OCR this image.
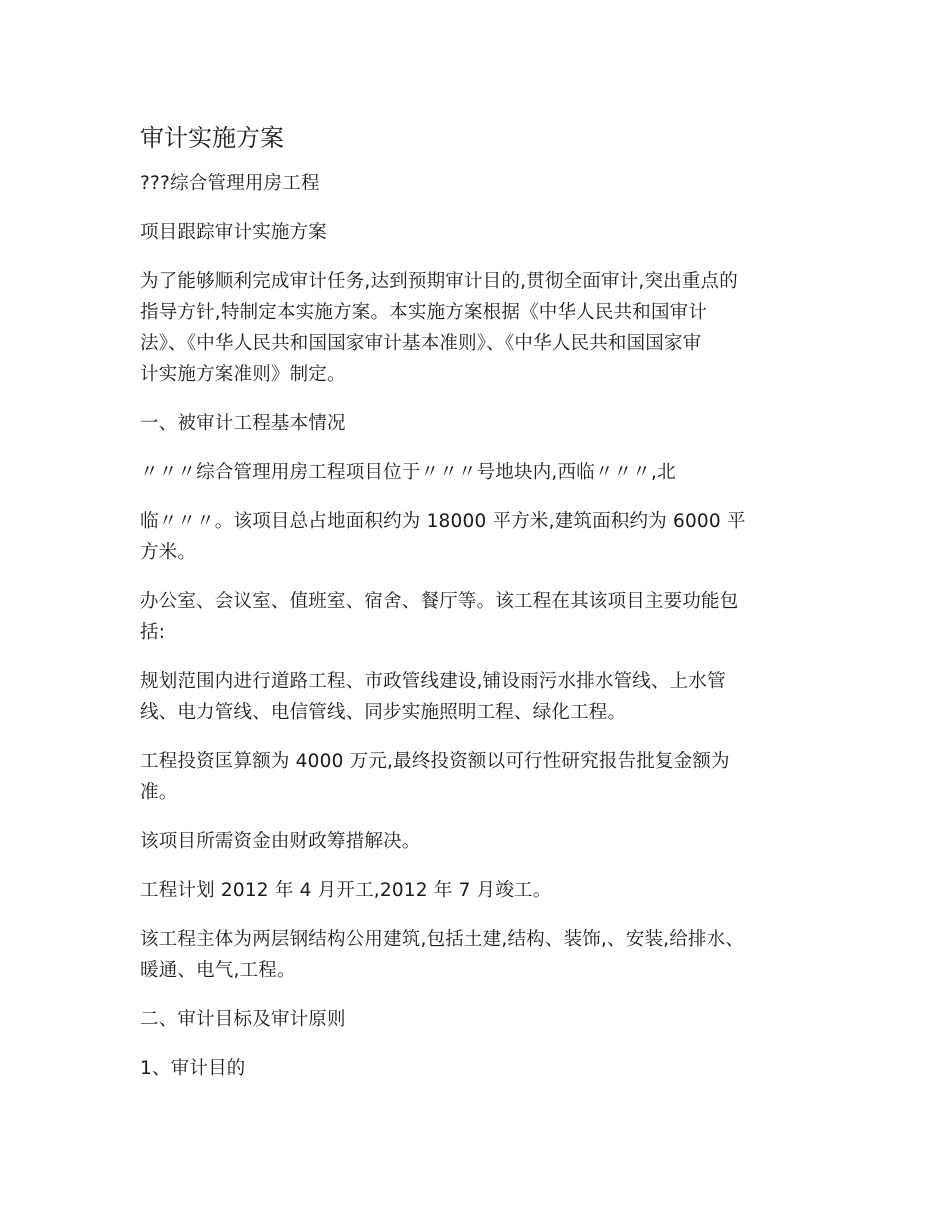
审计实施方案

???综合管理用房工程

项目跟踪审计实施方案

为了能够顺利完成审计任务,达到预期审计目的,贯彻全面审计,突出重点的
指导方针,特制定本实施方案。本实施方案根据《中华人民共和国审计
法》、《中华人民共和国国家审计基本准则》、《中华人民共和国国家审
计实施方案准则》制定。

一、被审计工程基本情况

〃〃〃综合管理用房工程项目位于〃〃〃号地块内,西临〃〃〃,北

临〃〃〃。该项目总占地面积约为 18000 平方米,建筑面积约为 6000 平
方米。

办公室、会议室、值班室、宿舍、餐厅等。该工程在其该项目主要功能包
括:

规划范围内进行道路工程、市政管线建设,铺设雨污水排水管线、上水管
线、电力管线、电信管线、同步实施照明工程、绿化工程。

工程投资匡算额为 4000 万元,最终投资额以可行性研究报告批复金额为
准。

该项目所需资金由财政筹措解决。

工程计划 2012 年 4 月开工,2012 年 7 月竣工。

该工程主体为两层钢结构公用建筑,包括土建,结构、装饰,、安装,给排水、
暖通、电气,工程。

二、审计目标及审计原则

1、审计目的
